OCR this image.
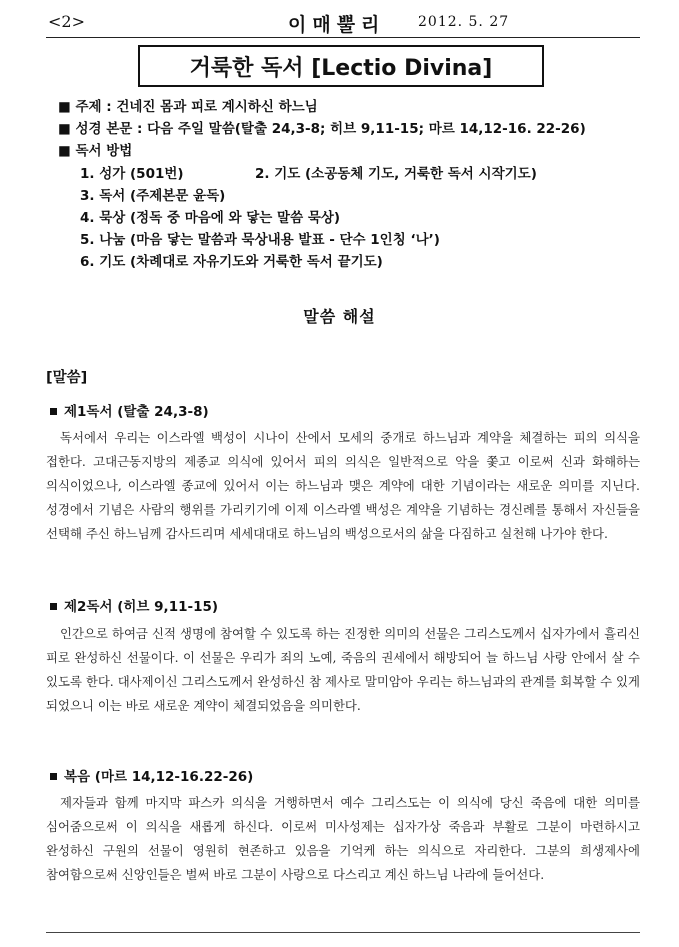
<2>	이매뿔리 2012. 5. 27
거룩한 독서 [Lectio Divina]
■ 주제 : 건네진 몸과 피로 계시하신 하느님
■ 성경 본문 : 다음 주일 말씀(탈출 24,3-8; 히브 9,11-15; 마르 14,12-16. 22-26)
■ 독서 방법
1. 성가 (501번)	2. 기도 (소공동체 기도, 거룩한 독서 시작기도)
3. 독서 (주제본문 윤독)
4. 묵상 (정독 중 마음에 와 닿는 말씀 묵상)
5. 나눔 (마음 닿는 말씀과 묵상내용 발표 - 단수 1인칭 ‘나’)
6. 기도 (차례대로 자유기도와 거룩한 독서 끝기도)
말씀 해설
[말씀]
제1독서 (탈출 24,3-8)
독서에서 우리는 이스라엘 백성이 시나이 산에서 모세의 중개로 하느님과 계약을 체결하는 피의 의식을 접한다. 고대근동지방의 제종교 의식에 있어서 피의 의식은 일반적으로 악을 쫓고 이로써 신과 화해하는 의식이었으나, 이스라엘 종교에 있어서 이는 하느님과 맺은 계약에 대한 기념이라는 새로운 의미를 지닌다. 성경에서 기념은 사람의 행위를 가리키기에 이제 이스라엘 백성은 계약을 기념하는 경신례를 통해서 자신들을 선택해 주신 하느님께 감사드리며 세세대대로 하느님의 백성으로서의 삶을 다짐하고 실천해 나가야 한다.
제2독서 (히브 9,11-15)
인간으로 하여금 신적 생명에 참여할 수 있도록 하는 진정한 의미의 선물은 그리스도께서 십자가에서 흘리신 피로 완성하신 선물이다. 이 선물은 우리가 죄의 노예, 죽음의 권세에서 해방되어 늘 하느님 사랑 안에서 살 수 있도록 한다. 대사제이신 그리스도께서 완성하신 참 제사로 말미암아 우리는 하느님과의 관계를 회복할 수 있게 되었으니 이는 바로 새로운 계약이 체결되었음을 의미한다.
복음 (마르 14,12-16.22-26)
제자들과 함께 마지막 파스카 의식을 거행하면서 예수 그리스도는 이 의식에 당신 죽음에 대한 의미를 심어줌으로써 이 의식을 새롭게 하신다. 이로써 미사성제는 십자가상 죽음과 부활로 그분이 마련하시고 완성하신 구원의 선물이 영원히 현존하고 있음을 기억케 하는 의식으로 자리한다. 그분의 희생제사에 참여함으로써 신앙인들은 벌써 바로 그분이 사랑으로 다스리고 계신 하느님 나라에 들어선다.
